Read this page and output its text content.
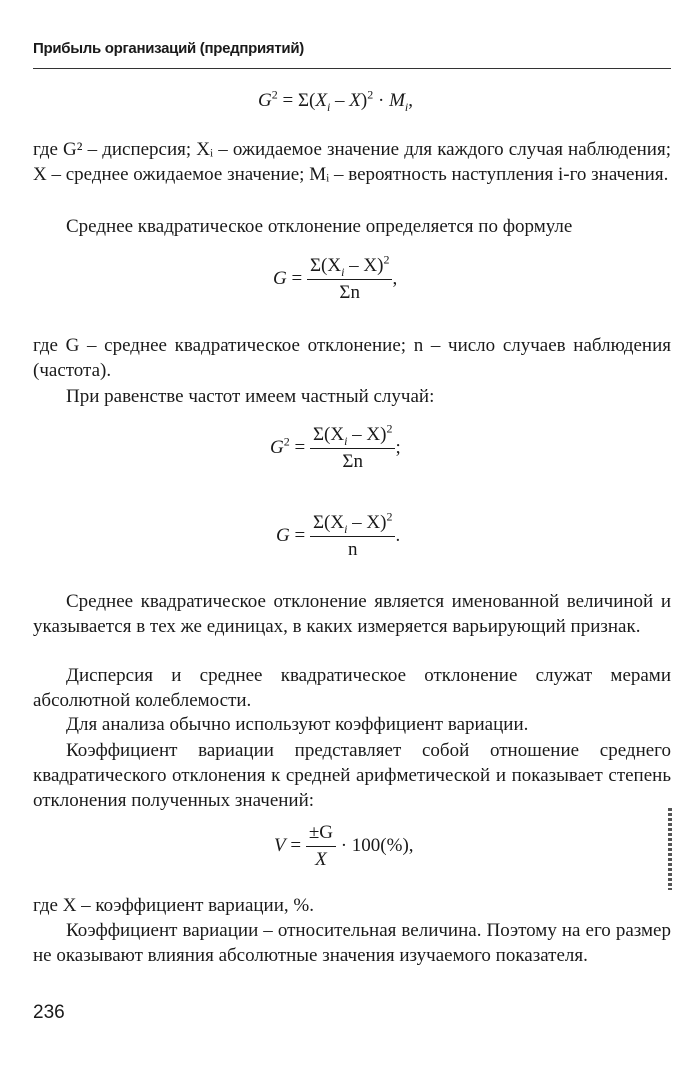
Прибыль организаций (предприятий)
$G^2 = \Sigma(X_i - X)^2 \cdot M_i$,

где G² – дисперсия; Xᵢ – ожидаемое значение для каждого случая наблюдения; X – среднее ожидаемое значение; Mᵢ – вероятность наступления i-го значения.

Среднее квадратическое отклонение определяется по формуле

$G = \frac{\Sigma(X_i - X)^2}{\Sigma n}$ ,

где G – среднее квадратическое отклонение; n – число случаев наблюдения (частота).

При равенстве частот имеем частный случай:

$G^2 = \frac{\Sigma(X_i - X)^2}{\Sigma n}$ ;
$G = \frac{\Sigma(X_i - X)^2}{n}$ .

Среднее квадратическое отклонение является именованной величиной и указывается в тех же единицах, в каких измеряется варьирующий признак.

Дисперсия и среднее квадратическое отклонение служат мерами абсолютной колеблемости.

Для анализа обычно используют коэффициент вариации.

Коэффициент вариации представляет собой отношение среднего квадратического отклонения к средней арифметической и показывает степень отклонения полученных значений:

$V = \frac{\pm G}{X} \cdot 100(\%)$,

где X – коэффициент вариации, %.

Коэффициент вариации – относительная величина. Поэтому на его размер не оказывают влияния абсолютные значения изучаемого показателя.

236
